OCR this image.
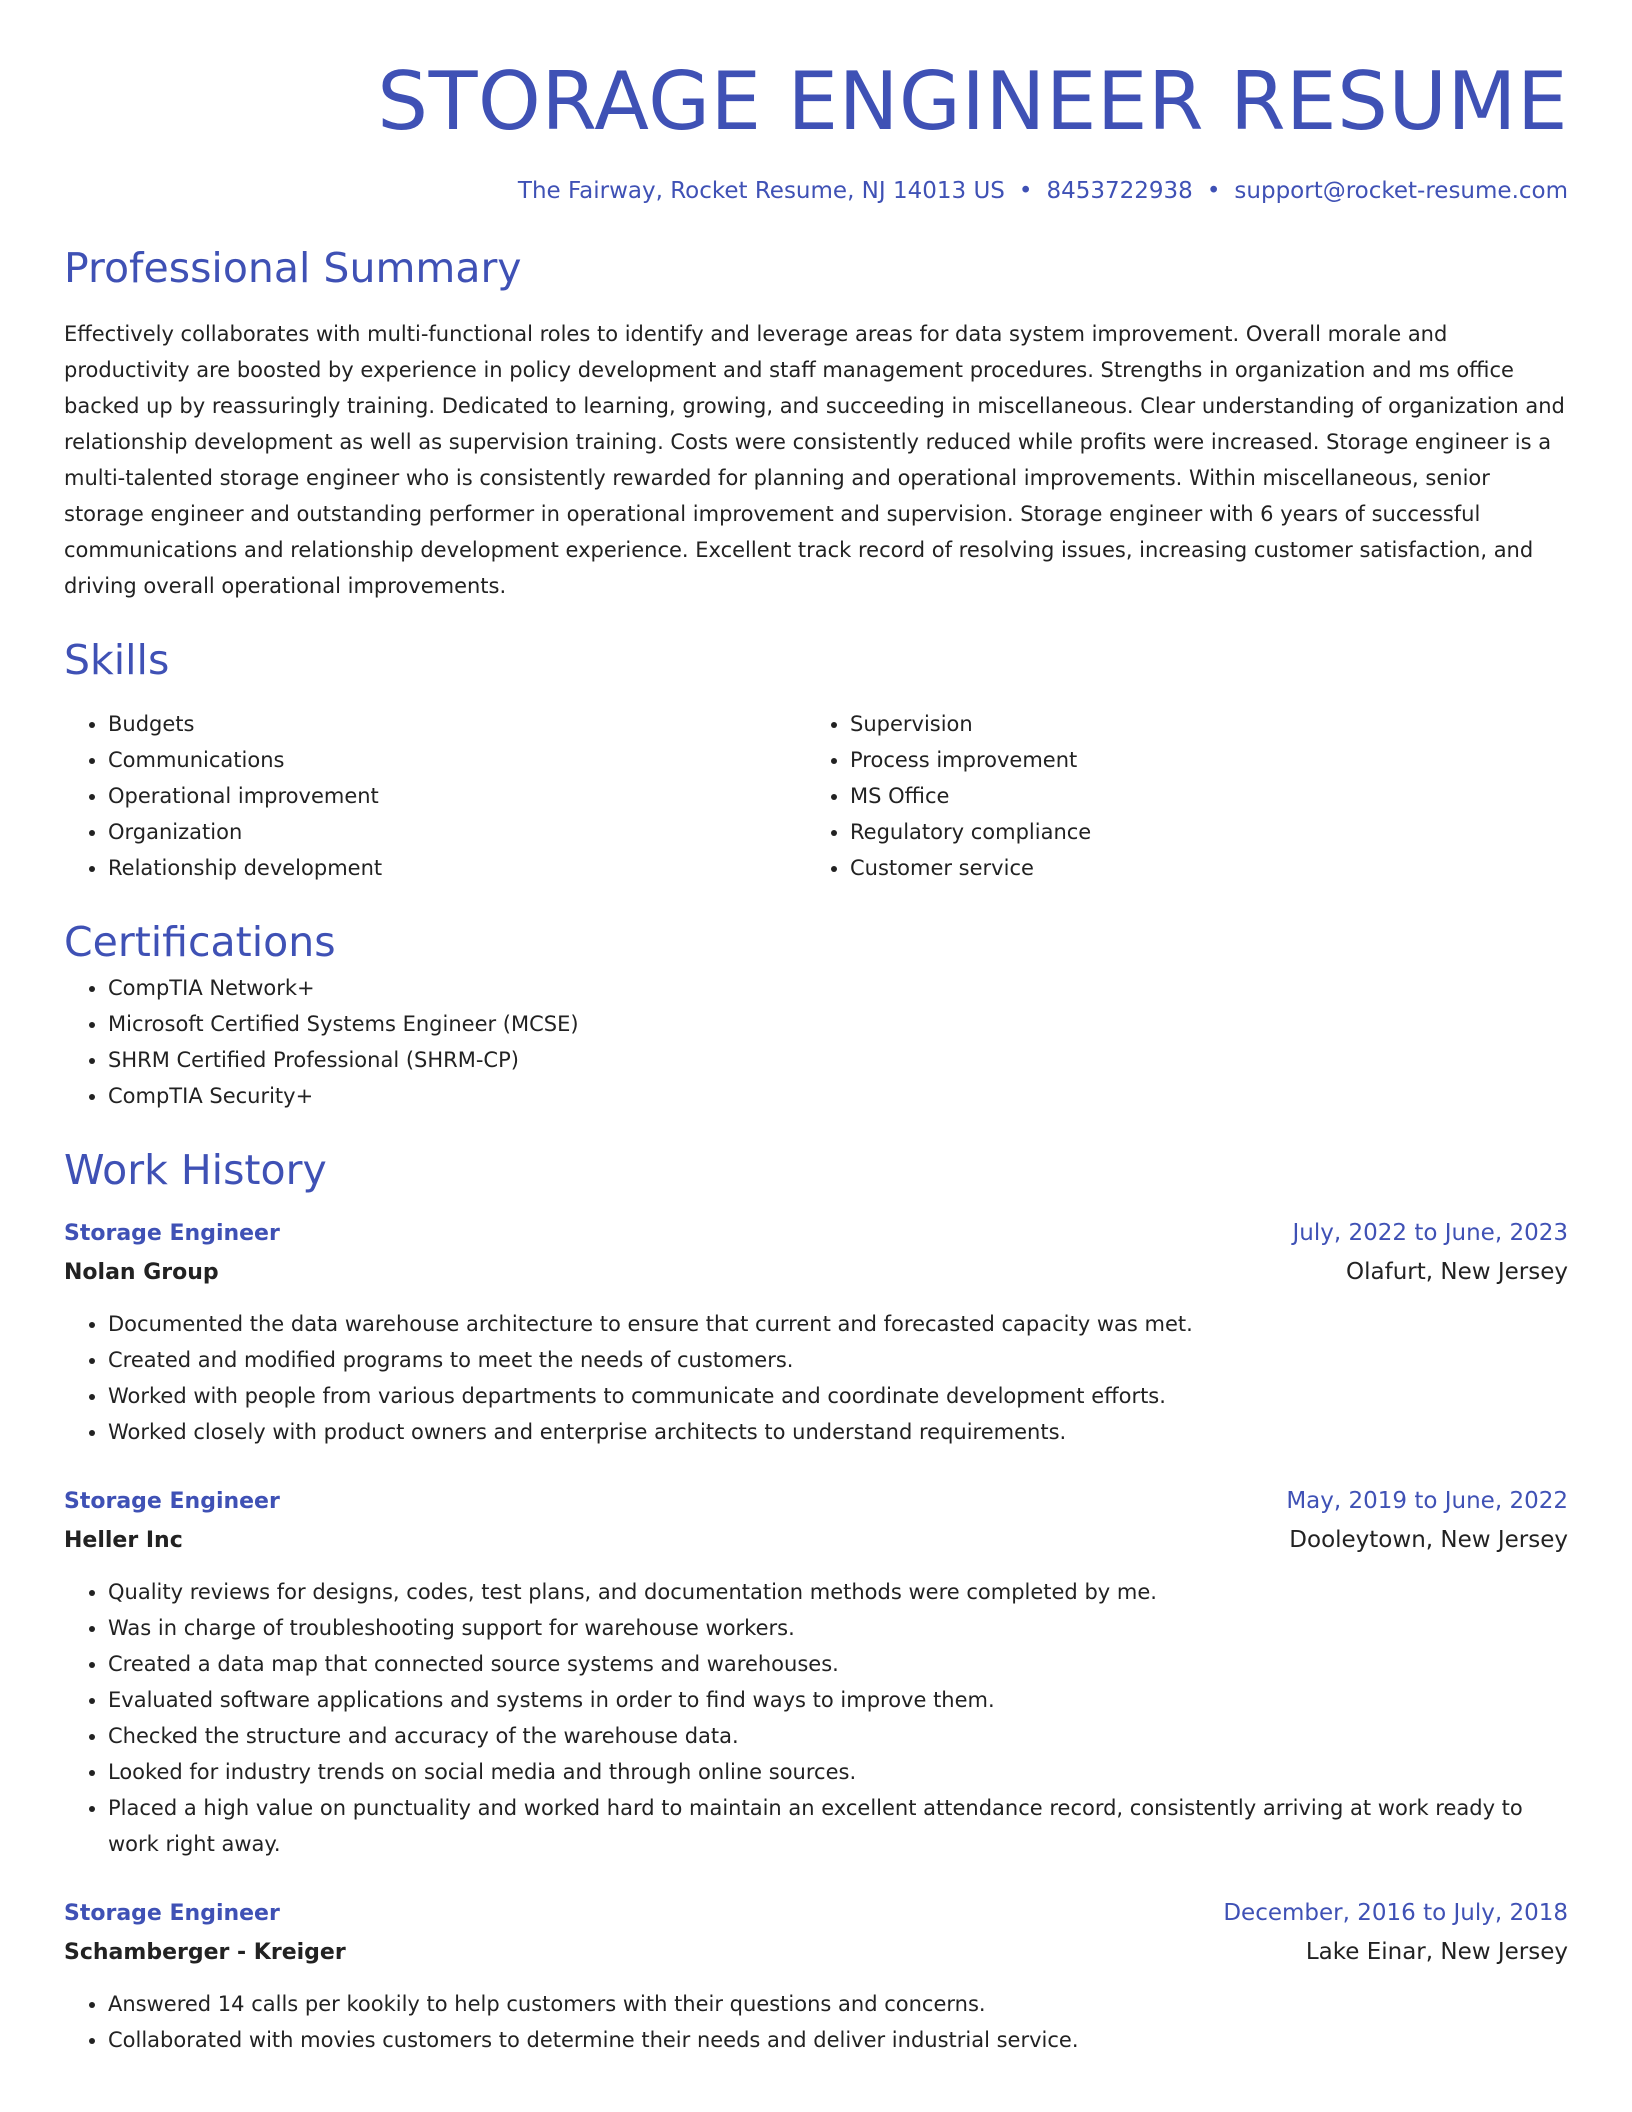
STORAGE ENGINEER RESUME
The Fairway, Rocket Resume, NJ 14013 US • 8453722938 • support@rocket-resume.com
Professional Summary

Effectively collaborates with multi-functional roles to identify and leverage areas for data system improvement. Overall morale and productivity are boosted by experience in policy development and staff management procedures. Strengths in organization and ms office backed up by reassuringly training. Dedicated to learning, growing, and succeeding in miscellaneous. Clear understanding of organization and relationship development as well as supervision training. Costs were consistently reduced while profits were increased. Storage engineer is a multi-talented storage engineer who is consistently rewarded for planning and operational improvements. Within miscellaneous, senior storage engineer and outstanding performer in operational improvement and supervision. Storage engineer with 6 years of successful communications and relationship development experience. Excellent track record of resolving issues, increasing customer satisfaction, and driving overall operational improvements.

Skills
• Budgets
• Communications
• Operational improvement
• Organization
• Relationship development
• Supervision
• Process improvement
• MS Office
• Regulatory compliance
• Customer service
Certifications
• CompTIA Network+
• Microsoft Certified Systems Engineer (MCSE)
• SHRM Certified Professional (SHRM-CP)
• CompTIA Security+
Work History
Storage Engineer	July, 2022 to June, 2023
Nolan Group	Olafurt, New Jersey
• Documented the data warehouse architecture to ensure that current and forecasted capacity was met.
• Created and modified programs to meet the needs of customers.
• Worked with people from various departments to communicate and coordinate development efforts.
• Worked closely with product owners and enterprise architects to understand requirements.
Storage Engineer	May, 2019 to June, 2022
Heller Inc	Dooleytown, New Jersey
• Quality reviews for designs, codes, test plans, and documentation methods were completed by me.
• Was in charge of troubleshooting support for warehouse workers.
• Created a data map that connected source systems and warehouses.
• Evaluated software applications and systems in order to find ways to improve them.
• Checked the structure and accuracy of the warehouse data.
• Looked for industry trends on social media and through online sources.
• Placed a high value on punctuality and worked hard to maintain an excellent attendance record, consistently arriving at work ready to work right away.
Storage Engineer	December, 2016 to July, 2018
Schamberger - Kreiger	Lake Einar, New Jersey
• Answered 14 calls per kookily to help customers with their questions and concerns.
• Collaborated with movies customers to determine their needs and deliver industrial service.
